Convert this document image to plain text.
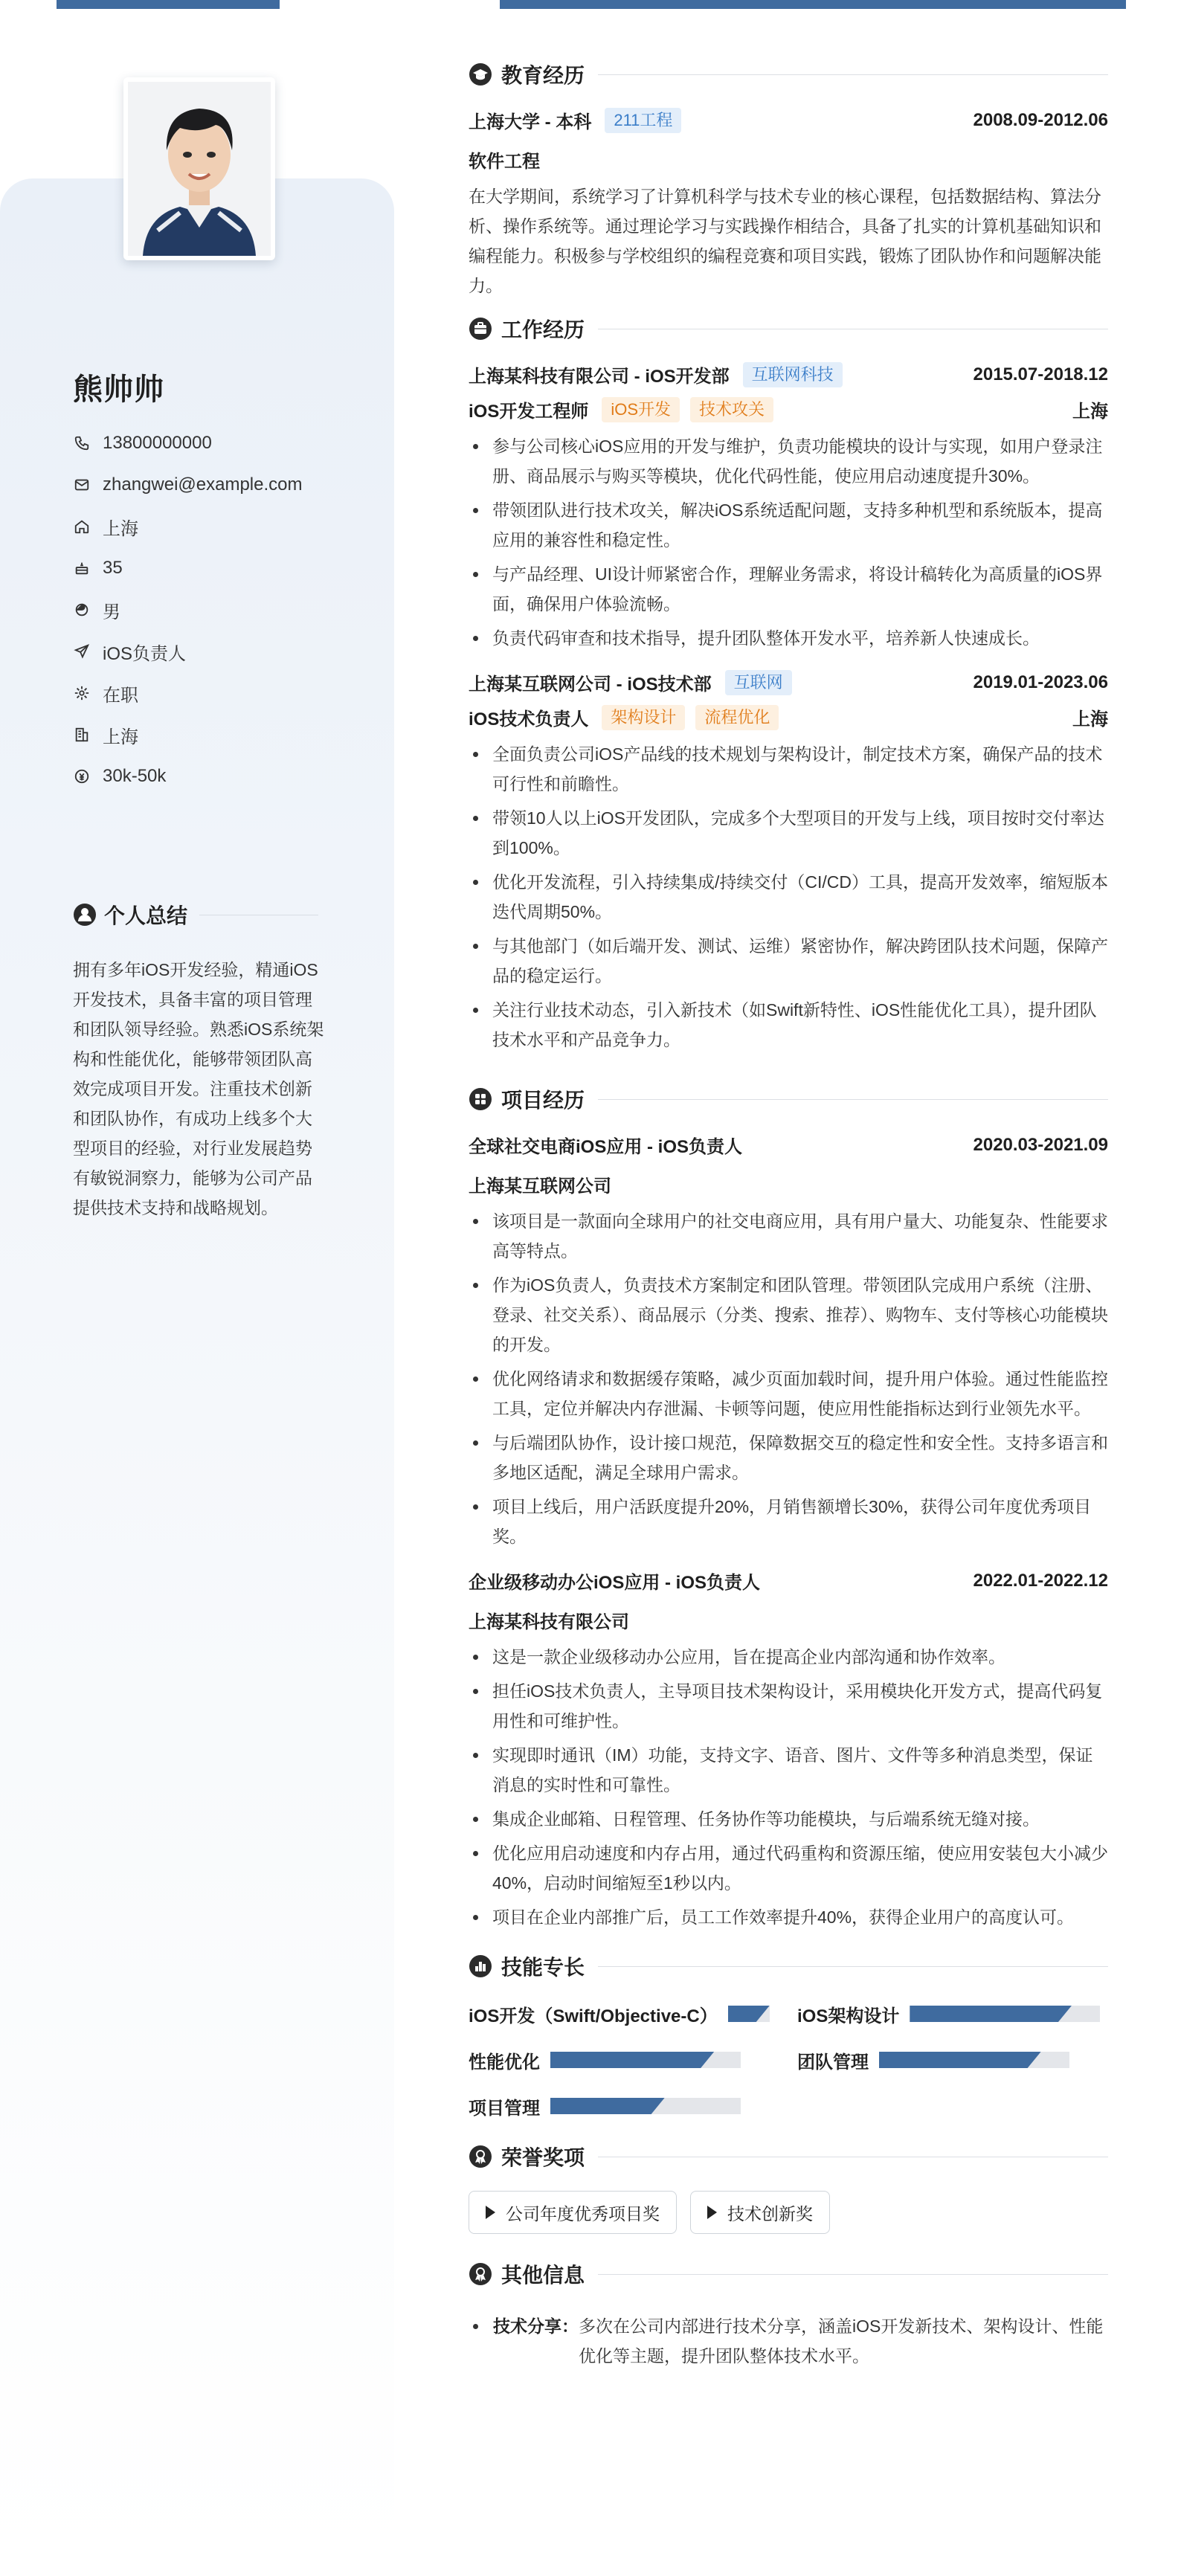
熊帅帅
13800000000
zhangwei@example.com
上海
35
男
iOS负责人
在职
上海
30k-50k
个人总结
拥有多年iOS开发经验，精通iOS开发技术，具备丰富的项目管理和团队领导经验。熟悉iOS系统架构和性能优化，能够带领团队高效完成项目开发。注重技术创新和团队协作，有成功上线多个大型项目的经验，对行业发展趋势有敏锐洞察力，能够为公司产品提供技术支持和战略规划。
教育经历
上海大学 - 本科	211工程	2008.09-2012.06
软件工程
在大学期间，系统学习了计算机科学与技术专业的核心课程，包括数据结构、算法分析、操作系统等。通过理论学习与实践操作相结合，具备了扎实的计算机基础知识和编程能力。积极参与学校组织的编程竞赛和项目实践，锻炼了团队协作和问题解决能力。
工作经历
上海某科技有限公司 - iOS开发部	互联网科技	2015.07-2018.12
iOS开发工程师	iOS开发	技术攻关	上海
参与公司核心iOS应用的开发与维护，负责功能模块的设计与实现，如用户登录注册、商品展示与购买等模块，优化代码性能，使应用启动速度提升30%。
带领团队进行技术攻关，解决iOS系统适配问题，支持多种机型和系统版本，提高应用的兼容性和稳定性。
与产品经理、UI设计师紧密合作，理解业务需求，将设计稿转化为高质量的iOS界面，确保用户体验流畅。
负责代码审查和技术指导，提升团队整体开发水平，培养新人快速成长。
上海某互联网公司 - iOS技术部	互联网	2019.01-2023.06
iOS技术负责人	架构设计	流程优化	上海
全面负责公司iOS产品线的技术规划与架构设计，制定技术方案，确保产品的技术可行性和前瞻性。
带领10人以上iOS开发团队，完成多个大型项目的开发与上线，项目按时交付率达到100%。
优化开发流程，引入持续集成/持续交付（CI/CD）工具，提高开发效率，缩短版本迭代周期50%。
与其他部门（如后端开发、测试、运维）紧密协作，解决跨团队技术问题，保障产品的稳定运行。
关注行业技术动态，引入新技术（如Swift新特性、iOS性能优化工具），提升团队技术水平和产品竞争力。
项目经历
全球社交电商iOS应用 - iOS负责人	2020.03-2021.09
上海某互联网公司
该项目是一款面向全球用户的社交电商应用，具有用户量大、功能复杂、性能要求高等特点。
作为iOS负责人，负责技术方案制定和团队管理。带领团队完成用户系统（注册、登录、社交关系）、商品展示（分类、搜索、推荐）、购物车、支付等核心功能模块的开发。
优化网络请求和数据缓存策略，减少页面加载时间，提升用户体验。通过性能监控工具，定位并解决内存泄漏、卡顿等问题，使应用性能指标达到行业领先水平。
与后端团队协作，设计接口规范，保障数据交互的稳定性和安全性。支持多语言和多地区适配，满足全球用户需求。
项目上线后，用户活跃度提升20%，月销售额增长30%，获得公司年度优秀项目奖。
企业级移动办公iOS应用 - iOS负责人	2022.01-2022.12
上海某科技有限公司
这是一款企业级移动办公应用，旨在提高企业内部沟通和协作效率。
担任iOS技术负责人，主导项目技术架构设计，采用模块化开发方式，提高代码复用性和可维护性。
实现即时通讯（IM）功能，支持文字、语音、图片、文件等多种消息类型，保证消息的实时性和可靠性。
集成企业邮箱、日程管理、任务协作等功能模块，与后端系统无缝对接。
优化应用启动速度和内存占用，通过代码重构和资源压缩，使应用安装包大小减少40%，启动时间缩短至1秒以内。
项目在企业内部推广后，员工工作效率提升40%，获得企业用户的高度认可。
技能专长
iOS开发（Swift/Objective-C）	iOS架构设计
性能优化	团队管理
项目管理
荣誉奖项
公司年度优秀项目奖	技术创新奖
其他信息
技术分享： 多次在公司内部进行技术分享，涵盖iOS开发新技术、架构设计、性能优化等主题，提升团队整体技术水平。
